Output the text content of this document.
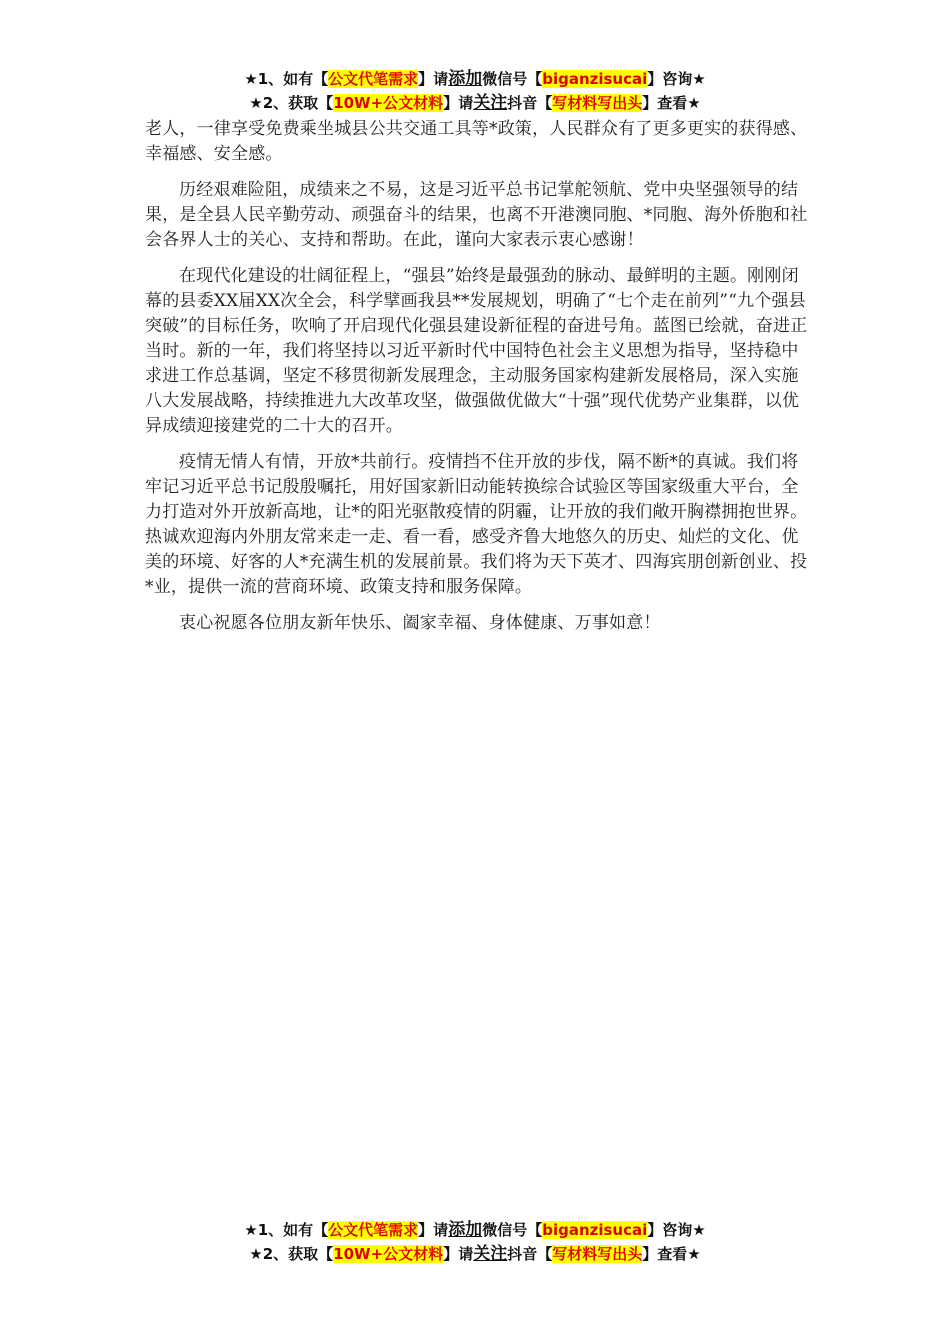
★1、如有【公文代笔需求】请添加微信号【biganzisucai】咨询★
★2、获取【10W+公文材料】请关注抖音【写材料写出头】查看★

老人，一律享受免费乘坐城县公共交通工具等*政策，人民群众有了更多更实的获得感、幸福感、安全感。

历经艰难险阻，成绩来之不易，这是习近平总书记掌舵领航、党中央坚强领导的结果，是全县人民辛勤劳动、顽强奋斗的结果，也离不开港澳同胞、*同胞、海外侨胞和社会各界人士的关心、支持和帮助。在此，谨向大家表示衷心感谢！

在现代化建设的壮阔征程上，“强县”始终是最强劲的脉动、最鲜明的主题。刚刚闭幕的县委XX届XX次全会，科学擘画我县**发展规划，明确了“七个走在前列”“九个强县突破”的目标任务，吹响了开启现代化强县建设新征程的奋进号角。蓝图已绘就，奋进正当时。新的一年，我们将坚持以习近平新时代中国特色社会主义思想为指导，坚持稳中求进工作总基调，坚定不移贯彻新发展理念，主动服务国家构建新发展格局，深入实施八大发展战略，持续推进九大改革攻坚，做强做优做大“十强”现代优势产业集群，以优异成绩迎接建党的二十大的召开。

疫情无情人有情，开放*共前行。疫情挡不住开放的步伐，隔不断*的真诚。我们将牢记习近平总书记殷殷嘱托，用好国家新旧动能转换综合试验区等国家级重大平台，全力打造对外开放新高地，让*的阳光驱散疫情的阴霾，让开放的我们敞开胸襟拥抱世界。热诚欢迎海内外朋友常来走一走、看一看，感受齐鲁大地悠久的历史、灿烂的文化、优美的环境、好客的人*充满生机的发展前景。我们将为天下英才、四海宾朋创新创业、投*业，提供一流的营商环境、政策支持和服务保障。

衷心祝愿各位朋友新年快乐、阖家幸福、身体健康、万事如意！

★1、如有【公文代笔需求】请添加微信号【biganzisucai】咨询★
★2、获取【10W+公文材料】请关注抖音【写材料写出头】查看★
